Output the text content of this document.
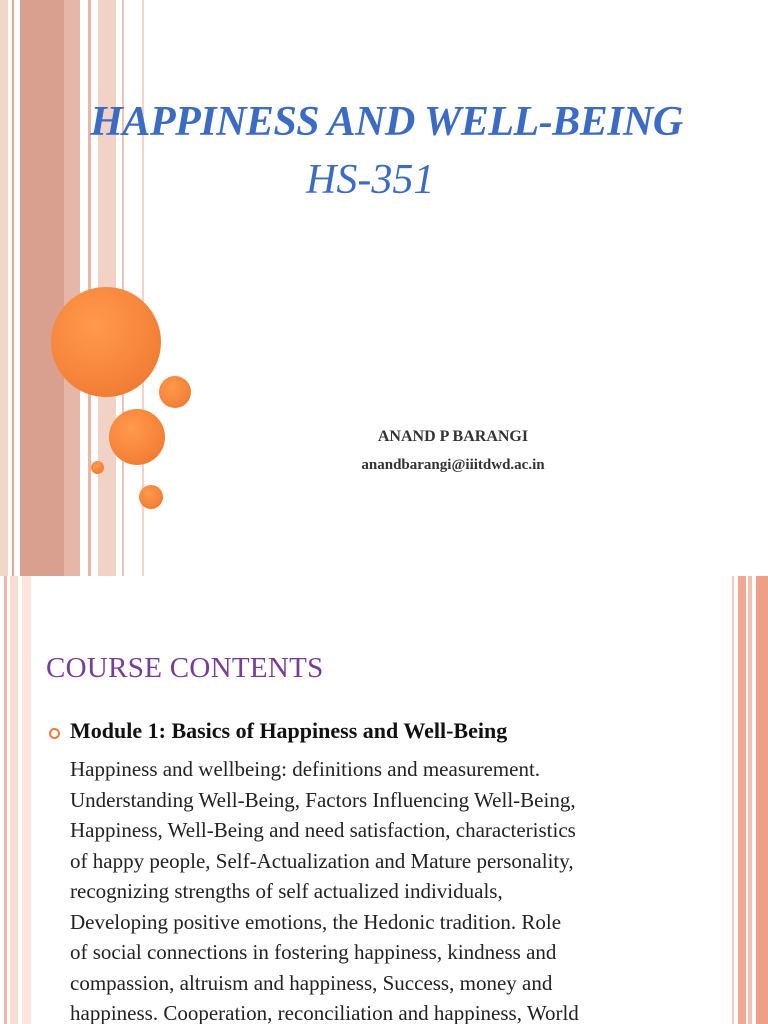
HAPPINESS AND WELL-BEING
HS-351
ANAND P BARANGI
anandbarangi@iiitdwd.ac.in
COURSE CONTENTS
Module 1: Basics of Happiness and Well-Being

Happiness and wellbeing: definitions and measurement.
Understanding Well-Being, Factors Influencing Well-Being,
Happiness, Well-Being and need satisfaction, characteristics
of happy people, Self-Actualization and Mature personality,
recognizing strengths of self actualized individuals,
Developing positive emotions, the Hedonic tradition. Role
of social connections in fostering happiness, kindness and
compassion, altruism and happiness, Success, money and
happiness. Cooperation, reconciliation and happiness, World
